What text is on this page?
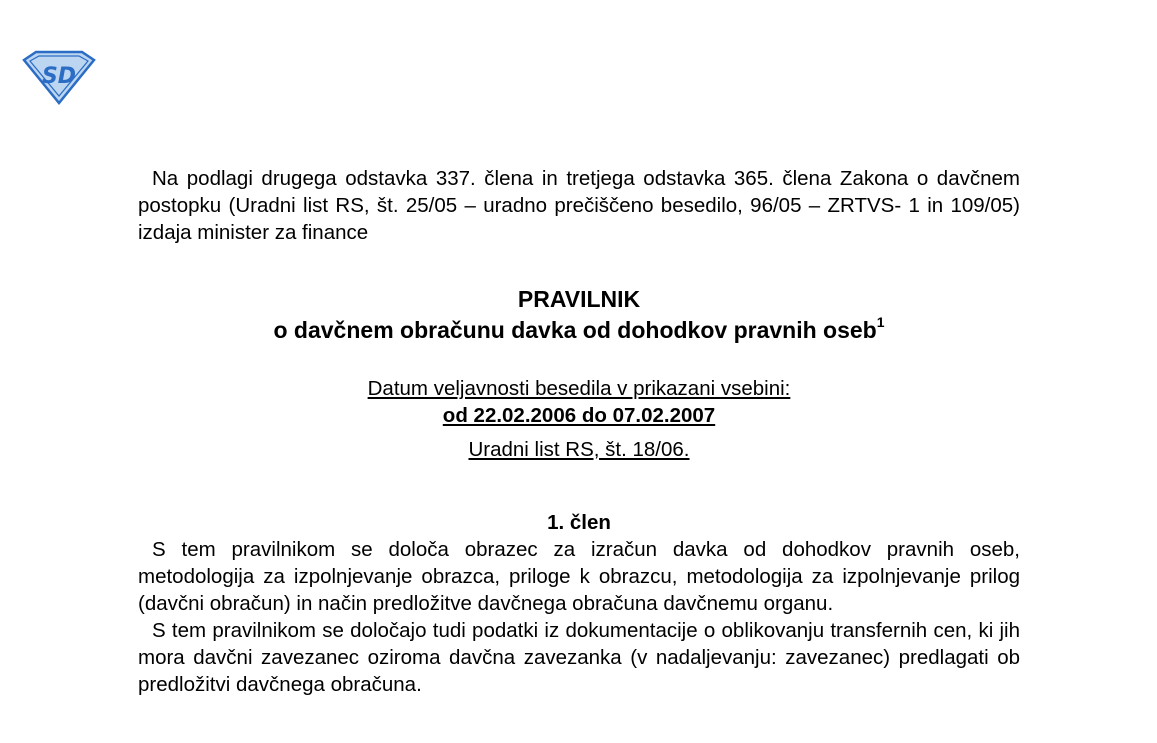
SD

Na podlagi drugega odstavka 337. člena in tretjega odstavka 365. člena Zakona o davčnem postopku (Uradni list RS, št. 25/05 – uradno prečiščeno besedilo, 96/05 – ZRTVS- 1 in 109/05) izdaja minister za finance

PRAVILNIK
o davčnem obračunu davka od dohodkov pravnih oseb$^1$
Datum veljavnosti besedila v prikazani vsebini:
od 22.02.2006 do 07.02.2007
Uradni list RS, št. 18/06.
1. člen

S tem pravilnikom se določa obrazec za izračun davka od dohodkov pravnih oseb, metodologija za izpolnjevanje obrazca, priloge k obrazcu, metodologija za izpolnjevanje prilog (davčni obračun) in način predložitve davčnega obračuna davčnemu organu.

S tem pravilnikom se določajo tudi podatki iz dokumentacije o oblikovanju transfernih cen, ki jih mora davčni zavezanec oziroma davčna zavezanka (v nadaljevanju: zavezanec) predlagati ob predložitvi davčnega obračuna.
